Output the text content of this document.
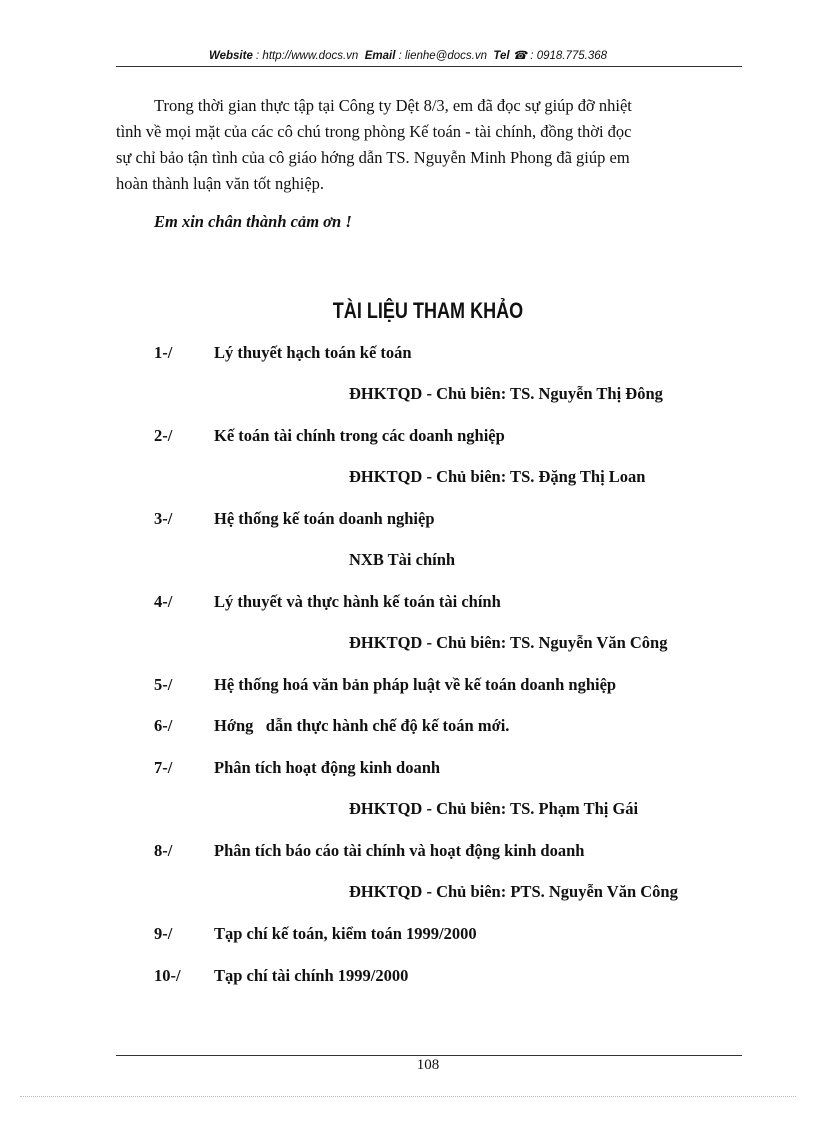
Website : http://www.docs.vn Email : lienhe@docs.vn Tel ☎ : 0918.775.368
Trong thời gian thực tập tại Công ty Dệt 8/3, em đã đọc sự giúp đỡ nhiệt
tình về mọi mặt của các cô chú trong phòng Kế toán - tài chính, đồng thời đọc
sự chỉ bảo tận tình của cô giáo hớng dẫn TS. Nguyễn Minh Phong đã giúp em
hoàn thành luận văn tốt nghiệp.
Em xin chân thành cảm ơn !
TÀI LIỆU THAM KHẢO
1-/	Lý thuyết hạch toán kế toán
ĐHKTQD - Chủ biên: TS. Nguyễn Thị Đông
2-/	Kế toán tài chính trong các doanh nghiệp
ĐHKTQD - Chủ biên: TS. Đặng Thị Loan
3-/	Hệ thống kế toán doanh nghiệp
NXB Tài chính
4-/	Lý thuyết và thực hành kế toán tài chính
ĐHKTQD - Chủ biên: TS. Nguyễn Văn Công
5-/	Hệ thống hoá văn bản pháp luật về kế toán doanh nghiệp
6-/	Hớng   dẫn thực hành chế độ kế toán mới.
7-/	Phân tích hoạt động kinh doanh
ĐHKTQD - Chủ biên: TS. Phạm Thị Gái
8-/	Phân tích báo cáo tài chính và hoạt động kinh doanh
ĐHKTQD - Chủ biên: PTS. Nguyễn Văn Công
9-/	Tạp chí kế toán, kiểm toán 1999/2000
10-/ Tạp chí tài chính 1999/2000
108
